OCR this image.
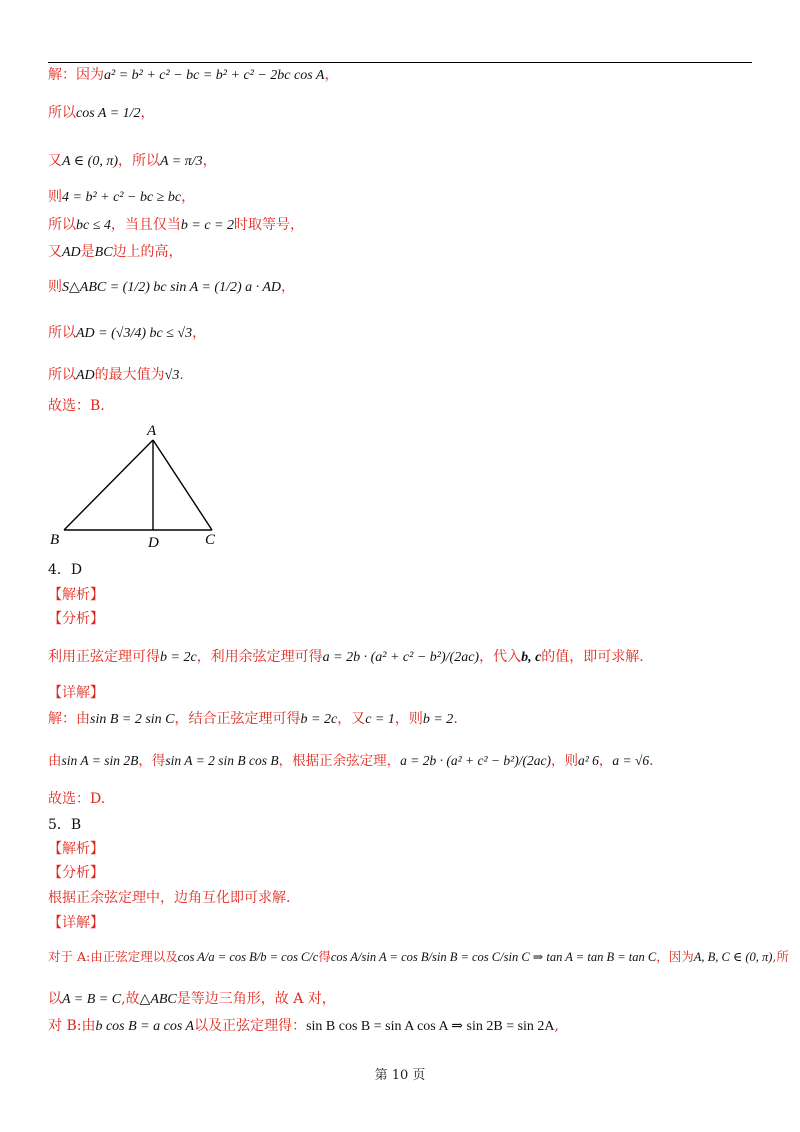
解：因为a² = b² + c² − bc = b² + c² − 2bc cos A，
所以cos A = 1/2，
又A ∈ (0, π)，所以A = π/3，
则4 = b² + c² − bc ≥ bc，
所以bc ≤ 4，当且仅当b = c = 2时取等号，
又AD是BC边上的高，
则S△ABC = (1/2) bc sin A = (1/2) a · AD，
所以AD = (√3/4) bc ≤ √3，
所以AD的最大值为√3.
故选：B.
A
B	D	C
4．D
【解析】
【分析】
利用正弦定理可得b = 2c，利用余弦定理可得a = 2b · (a² + c² − b²)/(2ac)，代入b, c的值，即可求解.
【详解】
解：由sin B = 2 sin C，结合正弦定理可得b = 2c，又c = 1，则b = 2.
由sin A = sin 2B，得sin A = 2 sin B cos B，根据正余弦定理，a = 2b · (a² + c² − b²)/(2ac)，则a² 6，a = √6.
故选：D.
5．B
【解析】
【分析】
根据正余弦定理中，边角互化即可求解.
【详解】
对于 A:由正弦定理以及cos A/a = cos B/b = cos C/c得cos A/sin A = cos B/sin B = cos C/sin C ⇒ tan A = tan B = tan C，因为A, B, C ∈ (0, π),所
以A = B = C,故△ABC是等边三角形，故 A 对，
对 B:由b cos B = a cos A以及正弦定理得：sin B cos B = sin A cos A ⇒ sin 2B = sin 2A,
第 10 页
